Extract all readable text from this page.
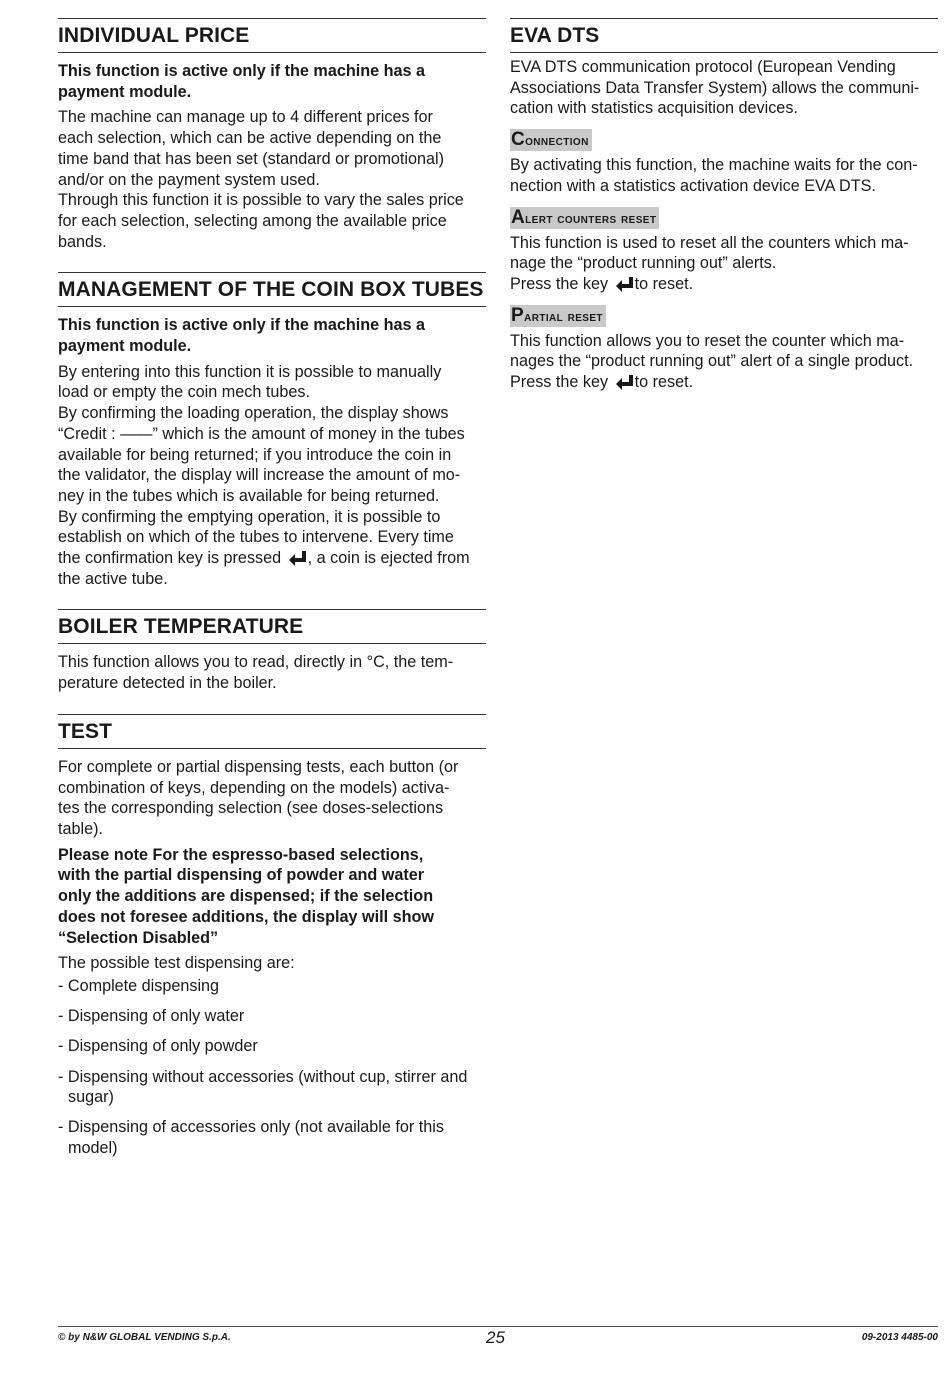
INDIVIDUAL PRICE

This function is active only if the machine has a
payment module.

The machine can manage up to 4 different prices for
each selection, which can be active depending on the
time band that has been set (standard or promotional)
and/or on the payment system used.
Through this function it is possible to vary the sales price
for each selection, selecting among the available price
bands.

MANAGEMENT OF THE COIN BOX TUBES

This function is active only if the machine has a
payment module.

By entering into this function it is possible to manually
load or empty the coin mech tubes.
By confirming the loading operation, the display shows
“Credit : ——” which is the amount of money in the tubes
available for being returned; if you introduce the coin in
the validator, the display will increase the amount of mo-
ney in the tubes which is available for being returned.
By confirming the emptying operation, it is possible to
establish on which of the tubes to intervene. Every time
the confirmation key is pressed , a coin is ejected from
the active tube.

BOILER TEMPERATURE

This function allows you to read, directly in °C, the tem-
perature detected in the boiler.

TEST

For complete or partial dispensing tests, each button (or
combination of keys, depending on the models) activa-
tes the corresponding selection (see doses-selections
table).

Please note For the espresso-based selections,
with the partial dispensing of powder and water
only the additions are dispensed; if the selection
does not foresee additions, the display will show
“Selection Disabled”

The possible test dispensing are:

- Complete dispensing
- Dispensing of only water
- Dispensing of only powder
- Dispensing without accessories (without cup, stirrer and sugar)
- Dispensing of accessories only (not available for this model)
EVA DTS

EVA DTS communication protocol (European Vending
Associations Data Transfer System) allows the communi-
cation with statistics acquisition devices.

Connection

By activating this function, the machine waits for the con-
nection with a statistics activation device EVA DTS.

Alert counters reset

This function is used to reset all the counters which ma-
nage the “product running out” alerts.
Press the key to reset.

Partial reset

This function allows you to reset the counter which ma-
nages the “product running out” alert of a single product.
Press the key to reset.

© by N&W GLOBAL VENDING S.p.A.	25	09-2013 4485-00
